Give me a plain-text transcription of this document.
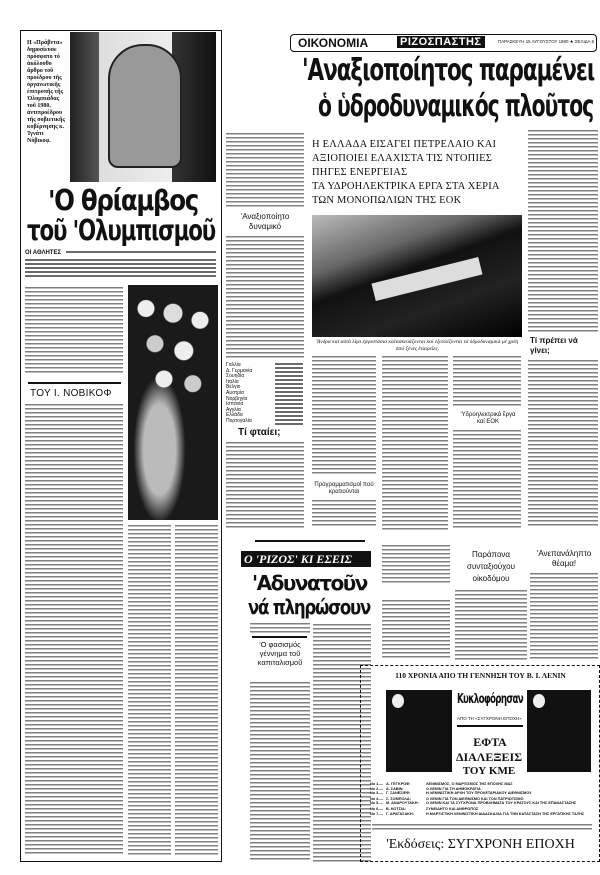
Η «Πράβντα» δημοσίευσε πρόσφατο τό ἀκόλουθο ἄρθρο τοῦ προέδρου τῆς ὀργανωτικῆς ἐπιτροπῆς τῆς Ὀλυμπιάδας τοῦ 1980, ἀντιπροέδρου τῆς σοβιετικῆς κυβέρνησης κ. Ἰγνάτι Νόβικοφ.
'Ο θρίαμβος
τοῦ 'Ολυμπισμοῦ
ΟΙ ΑΘΛΗΤΕΣ
ΤΟΥ Ι. ΝΟΒΙΚΟΦ
ΟΙΚΟΝΟΜΙΑ	ΡΙΖΟΣΠΑΣΤΗΣ	ΠΑΡΑΣΚΕΥΗ 15 ΑΥΓΟΥΣΤΟΥ 1980 ★ ΣΕΛΙΔΑ 6
'Αναξιοποίητος παραμένει
ὁ ὑδροδυναμικός πλοῦτος
'Αναξιοποίητο δυναμικό
Γαλλία
Δ. Γερμανία
Σουηδία
Ιταλία
Βέλγιο
Αυστρία
Νορβηγία
Ισπανία
Αγγλία
Ελλάδα
Πορτογαλία
Τί φταίει;
Η ΕΛΛΑΔΑ ΕΙΣΑΓΕΙ ΠΕΤΡΕΛΑΙΟ ΚΑΙ ΑΞΙΟΠΟΙΕΙ ΕΛΑΧΙΣΤΑ ΤΙΣ ΝΤΟΠΙΕΣ ΠΗΓΕΣ ΕΝΕΡΓΕΙΑΣ
ΤΑ ΥΔΡΟΗΛΕΚΤΡΙΚΑ ΕΡΓΑ ΣΤΑ ΧΕΡΙΑ ΤΩΝ ΜΟΝΟΠΩΛΙΩΝ ΤΗΣ ΕΟΚ
Ἄνδρα καί αὐτά λίγα ἐργοστάσια κατασκευάζονται καί ἐξοπλίζονται τά ὑδροδυναμικά μέ χρέη ἀπό ξένες ἑταιρεῖες.
Προγραμματισμοί πού κρατιούνται
'Υδροηλεκτρικά ἔργα καί ΕΟΚ
Τί πρέπει νά γίνει;
Ο 'ΡΙΖΟΣ' ΚΙ ΕΣΕΙΣ
'Αδυνατοῦν
νά πληρώσουν
'Ο φασισμός γέννημα τοῦ καπιταλισμοῦ
Παράπονα συνταξιούχου οἰκοδόμου
'Ανεπανάληπτο θέαμα!
110 ΧΡΟΝΙΑ ΑΠΟ ΤΗ ΓΕΝΝΗΣΗ ΤΟΥ Β. Ι. ΛΕΝΙΝ
Κυκλοφόρησαν
ΑΠΟ ΤΗ «ΣΥΓΧΡΟΝΗ ΕΠΟΧΗ»
ΕΦΤΑ
ΔΙΑΛΕΞΕΙΣ
ΤΟΥ ΚΜΕ
Νο 1.— Α. ΓΕΓΚΡΟΦ:	ΛΕΝΙΝΙΣΜΟΣ, Ο ΜΑΡΞΙΣΜΟΣ ΤΗΣ ΕΠΟΧΗΣ ΜΑΣ
Νο 2.— Α. ΣΑΒΙΝ:	Ο ΛΕΝΙΝ ΓΙΑ ΤΗ ΔΗΜΟΚΡΑΤΙΑ
Νο 3.— Γ. ΣΑΝΕΣΙΕΦ:	Η ΛΕΝΙΝΙΣΤΙΚΗ ΑΡΧΗ ΤΟΥ ΠΡΟΛΕΤΑΡΙΑΚΟΥ ΔΙΕΘΝΙΣΜΟΥ
Νο 4.— Σ. ΣΟΜΠΟΛΑ:	Ο ΛΕΝΙΝ ΓΙΑ ΤΟΝ ΔΙΕΘΝΙΣΜΟ ΚΑΙ ΤΟΝ ΠΑΤΡΙΩΤΙΣΜΟ
Νο 5.— Μ. ΑΝΔΡΟΥΤΑΚΗ:	Ο ΛΕΝΙΝ ΚΑΙ ΤΑ ΣΥΓΧΡΟΝΑ ΠΡΟΒΛΗΜΑΤΑ ΤΟΥ ΚΡΑΤΟΥΣ ΚΑΙ ΤΗΣ ΕΠΑΝΑΣΤΑΣΗΣ
Νο 6.— Β. ΚΟΤΣΙΑ:	ΣΥΝΕΙΔΗΤΟ ΚΑΙ ΑΝΘΡΩΠΟΣ
Νο 7.— Γ. ΔΡΑΓΑΣΑΚΗ:	Η ΜΑΡΞΙΣΤΙΚΗ ΛΕΝΙΝΙΣΤΙΚΗ ΔΙΔΑΣΚΑΛΙΑ ΓΙΑ ΤΗΝ ΚΑΤΑΣΤΑΣΗ ΤΗΣ ΕΡΓΑΤΙΚΗΣ ΤΑΞΗΣ
'Εκδόσεις: ΣΥΓΧΡΟΝΗ ΕΠΟΧΗ
